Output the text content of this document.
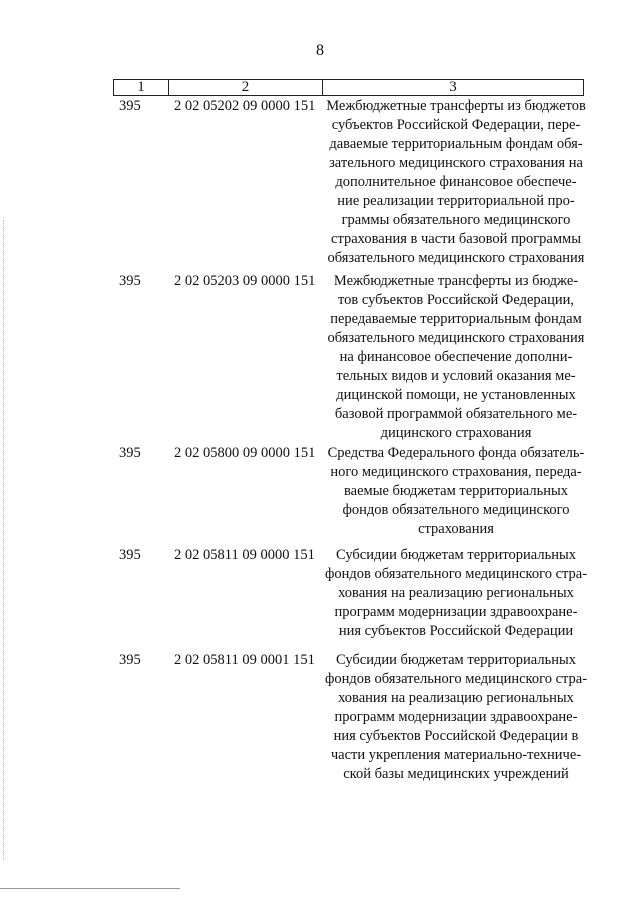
8
1	2	3
395 2 02 05202 09 0000 151 Межбюджетные трансферты из бюджетов
субъектов Российской Федерации, пере-
даваемые территориальным фондам обя-
зательного медицинского страхования на
дополнительное финансовое обеспече-
ние реализации территориальной про-
граммы обязательного медицинского
страхования в части базовой программы
обязательного медицинского страхования
395 2 02 05203 09 0000 151	Межбюджетные трансферты из бюдже-
тов субъектов Российской Федерации,
передаваемые территориальным фондам
обязательного медицинского страхования
на финансовое обеспечение дополни-
тельных видов и условий оказания ме-
дицинской помощи, не установленных
базовой программой обязательного ме-
дицинского страхования
395 2 02 05800 09 0000 151 Средства Федерального фонда обязатель-
ного медицинского страхования, переда-
ваемые бюджетам территориальных
фондов обязательного медицинского
страхования
395 2 02 05811 09 0000 151	Субсидии бюджетам территориальных
фондов обязательного медицинского стра-
хования на реализацию региональных
программ модернизации здравоохране-
ния субъектов Российской Федерации
395 2 02 05811 09 0001 151	Субсидии бюджетам территориальных
фондов обязательного медицинского стра-
хования на реализацию региональных
программ модернизации здравоохране-
ния субъектов Российской Федерации в
части укрепления материально-техниче-
ской базы медицинских учреждений
